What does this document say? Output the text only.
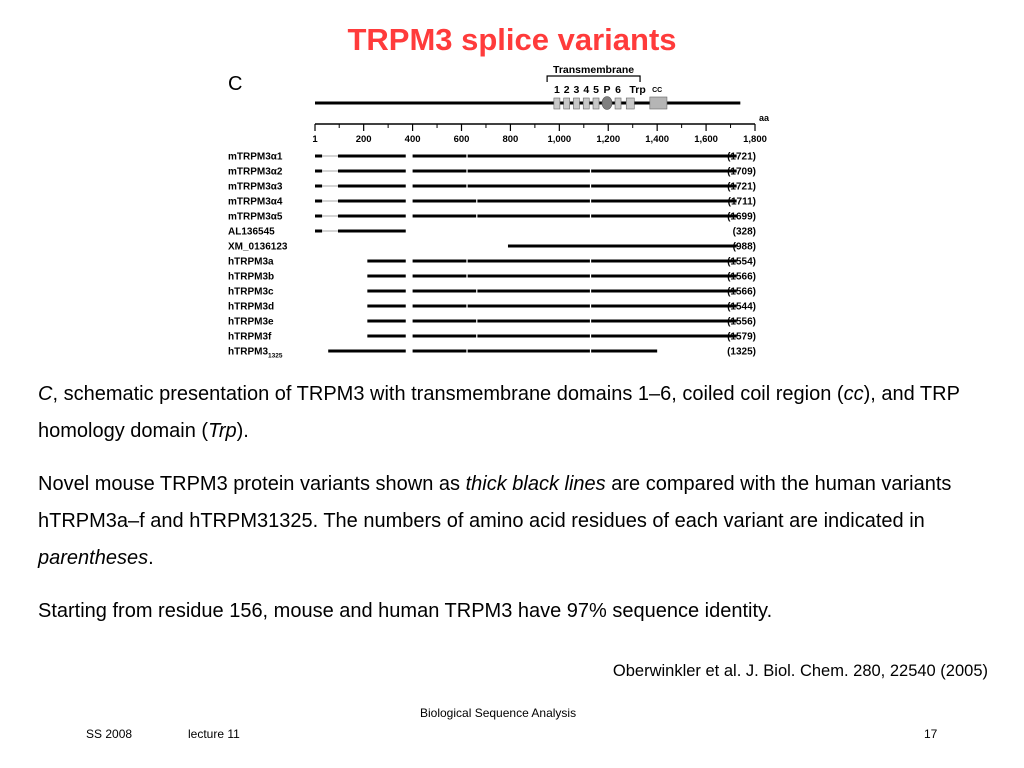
TRPM3 splice variants
C
Transmembrane
1 2 3 4 5 P 6 Trp CC
1	200	400	600	800	1,000	1,200	1,400	1,600	1,800
aa
mTRPM3α1	(1721)
mTRPM3α2	(1709)
mTRPM3α3	(1721)
mTRPM3α4	(1711)
mTRPM3α5	(1699)
AL136545	(328)
XM_0136123	(988)
hTRPM3a	(1554)
hTRPM3b	(1566)
hTRPM3c	(1566)
hTRPM3d	(1544)
hTRPM3e	(1556)
hTRPM3f	(1579)
$hTRPM3_{1325}$	(1325)

C, schematic presentation of TRPM3 with transmembrane domains 1–6, coiled coil region (cc), and TRP homology domain (Trp).

Novel mouse TRPM3 protein variants shown as thick black lines are compared with the human variants hTRPM3a–f and hTRPM31325. The numbers of amino acid residues of each variant are indicated in parentheses.

Starting from residue 156, mouse and human TRPM3 have 97% sequence identity.

Oberwinkler et al. J. Biol. Chem. 280, 22540 (2005)
Biological Sequence Analysis
SS 2008	lecture 11	17
